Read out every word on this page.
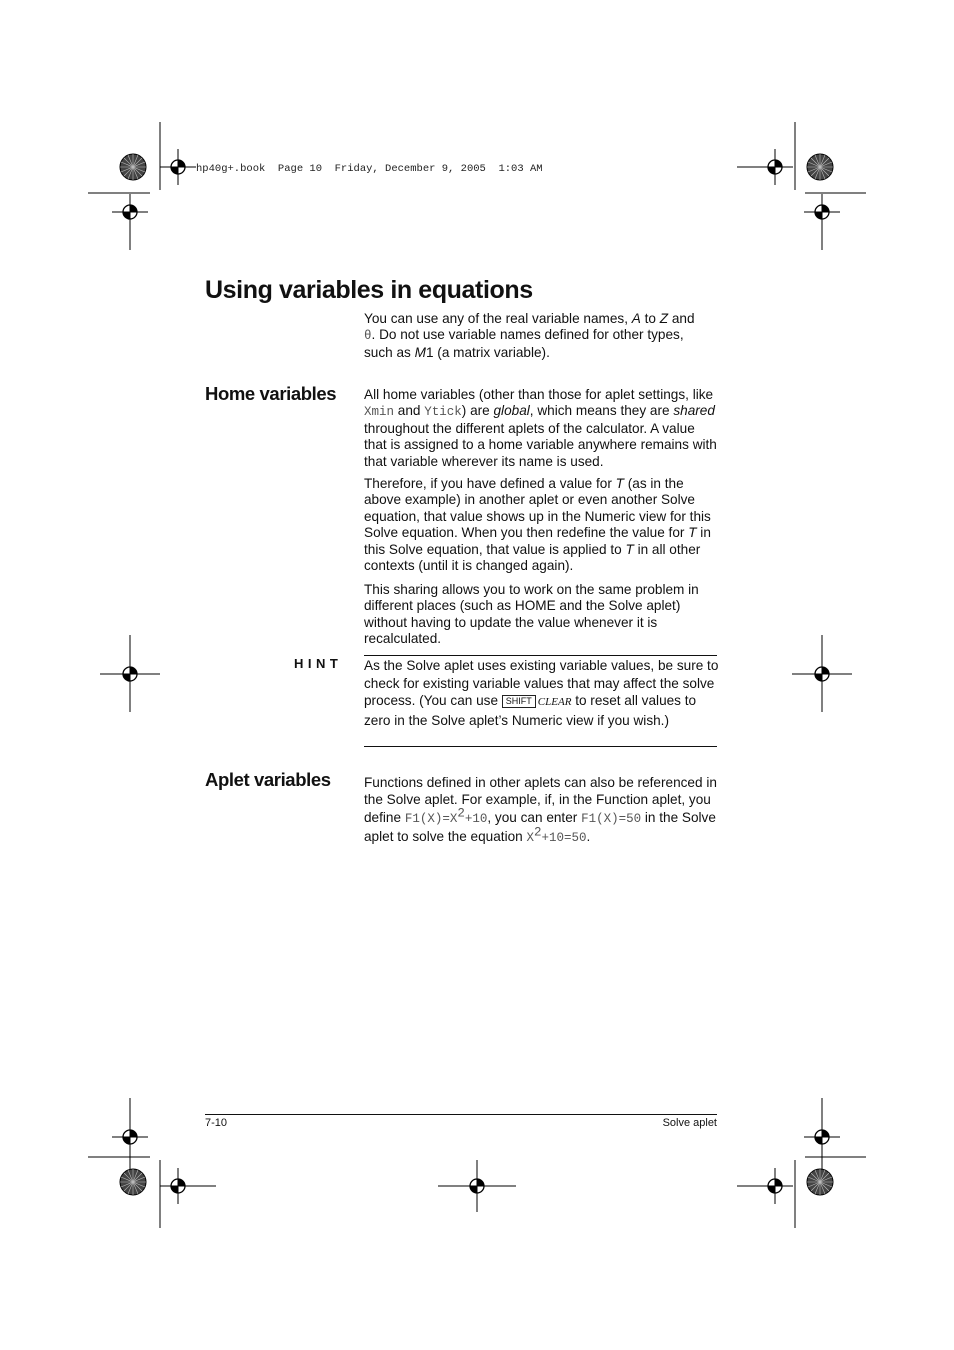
hp40g+.book  Page 10  Friday, December 9, 2005  1:03 AM
Using variables in equations

You can use any of the real variable names, A to Z and
θ. Do not use variable names defined for other types,
such as M1 (a matrix variable).

Home variables All home variables (other than those for aplet settings, like Xmin and Ytick) are global, which means they are shared throughout the different aplets of the calculator. A value that is assigned to a home variable anywhere remains with that variable wherever its name is used.

Therefore, if you have defined a value for T (as in the above example) in another aplet or even another Solve equation, that value shows up in the Numeric view for this Solve equation. When you then redefine the value for T in this Solve equation, that value is applied to T in all other contexts (until it is changed again).

This sharing allows you to work on the same problem in different places (such as HOME and the Solve aplet) without having to update the value whenever it is recalculated.

HINT As the Solve aplet uses existing variable values, be sure to check for existing variable values that may affect the solve process. (You can use SHIFT CLEAR to reset all values to zero in the Solve aplet’s Numeric view if you wish.)

Aplet variables Functions defined in other aplets can also be referenced in the Solve aplet. For example, if, in the Function aplet, you define $F1(X)=X^2+10$, you can enter F1(X)=50 in the Solve aplet to solve the equation $X^2+10=50$.

7-10	Solve aplet
